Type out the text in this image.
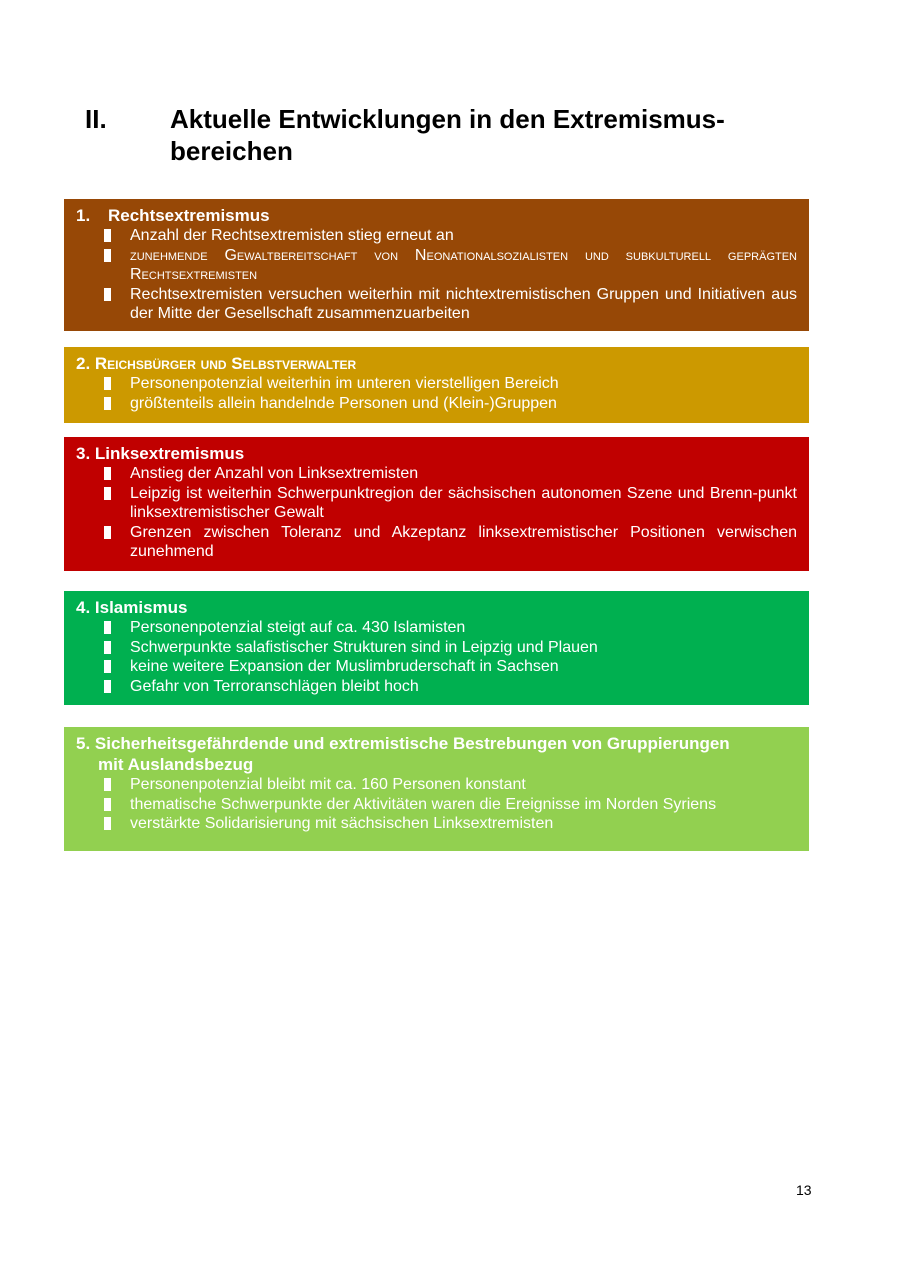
II. Aktuelle Entwicklungen in den Extremismus-bereichen
1. Rechtsextremismus
Anzahl der Rechtsextremisten stieg erneut an
zunehmende Gewaltbereitschaft von Neonationalsozialisten und subkulturell geprägten Rechtsextremisten
Rechtsextremisten versuchen weiterhin mit nichtextremistischen Gruppen und Initiativen aus der Mitte der Gesellschaft zusammenzuarbeiten
2. Reichsbürger und Selbstverwalter
Personenpotenzial weiterhin im unteren vierstelligen Bereich
größtenteils allein handelnde Personen und (Klein-)Gruppen
3. Linksextremismus
Anstieg der Anzahl von Linksextremisten
Leipzig ist weiterhin Schwerpunktregion der sächsischen autonomen Szene und Brenn-punkt linksextremistischer Gewalt
Grenzen zwischen Toleranz und Akzeptanz linksextremistischer Positionen verwischen zunehmend
4. Islamismus
Personenpotenzial steigt auf ca. 430 Islamisten
Schwerpunkte salafistischer Strukturen sind in Leipzig und Plauen
keine weitere Expansion der Muslimbruderschaft in Sachsen
Gefahr von Terroranschlägen bleibt hoch
5. Sicherheitsgefährdende und extremistische Bestrebungen von Gruppierungen
mit Auslandsbezug
Personenpotenzial bleibt mit ca. 160 Personen konstant
thematische Schwerpunkte der Aktivitäten waren die Ereignisse im Norden Syriens
verstärkte Solidarisierung mit sächsischen Linksextremisten
13
